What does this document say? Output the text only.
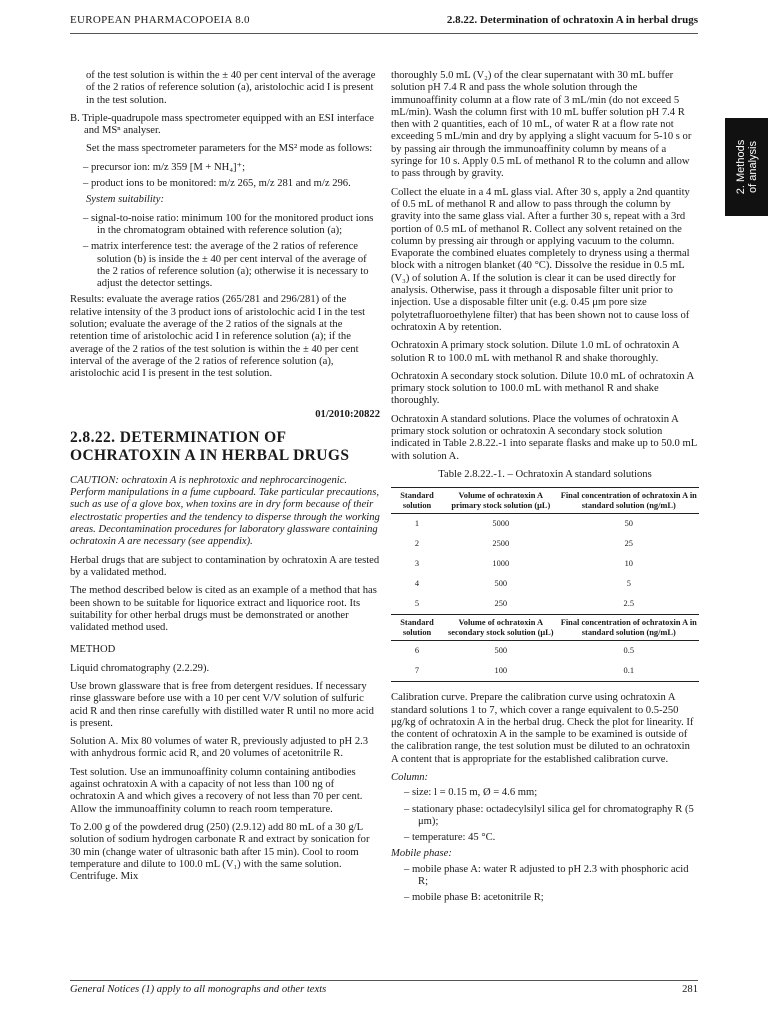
EUROPEAN PHARMACOPOEIA 8.0	2.8.22. Determination of ochratoxin A in herbal drugs
2. Methods
of analysis

of the test solution is within the ± 40 per cent interval of the average of the 2 ratios of reference solution (a), aristolochic acid I is present in the test solution.

B. Triple-quadrupole mass spectrometer equipped with an ESI interface and MSⁿ analyser.

Set the mass spectrometer parameters for the MS² mode as follows:

– precursor ion: m/z 359 [M + NH₄]⁺;

– product ions to be monitored: m/z 265, m/z 281 and m/z 296.

System suitability:

– signal-to-noise ratio: minimum 100 for the monitored product ions in the chromatogram obtained with reference solution (a);

– matrix interference test: the average of the 2 ratios of reference solution (b) is inside the ± 40 per cent interval of the average of the 2 ratios of reference solution (a); otherwise it is necessary to adjust the detector settings.

Results: evaluate the average ratios (265/281 and 296/281) of the relative intensity of the 3 product ions of aristolochic acid I in the test solution; evaluate the average of the 2 ratios of the signals at the retention time of aristolochic acid I in reference solution (a); if the average of the 2 ratios of the test solution is within the ± 40 per cent interval of the average of the 2 ratios of reference solution (a), aristolochic acid I is present in the test solution.

01/2010:20822

2.8.22. DETERMINATION OF OCHRATOXIN A IN HERBAL DRUGS

CAUTION: ochratoxin A is nephrotoxic and nephrocarcinogenic. Perform manipulations in a fume cupboard. Take particular precautions, such as use of a glove box, when toxins are in dry form because of their electrostatic properties and the tendency to disperse through the working areas. Decontamination procedures for laboratory glassware containing ochratoxin A are necessary (see appendix).

Herbal drugs that are subject to contamination by ochratoxin A are tested by a validated method.

The method described below is cited as an example of a method that has been shown to be suitable for liquorice extract and liquorice root. Its suitability for other herbal drugs must be demonstrated or another validated method used.

METHOD

Liquid chromatography (2.2.29).

Use brown glassware that is free from detergent residues. If necessary rinse glassware before use with a 10 per cent V/V solution of sulfuric acid R and then rinse carefully with distilled water R until no more acid is present.

Solution A. Mix 80 volumes of water R, previously adjusted to pH 2.3 with anhydrous formic acid R, and 20 volumes of acetonitrile R.

Test solution. Use an immunoaffinity column containing antibodies against ochratoxin A with a capacity of not less than 100 ng of ochratoxin A and which gives a recovery of not less than 70 per cent. Allow the immunoaffinity column to reach room temperature.

To 2.00 g of the powdered drug (250) (2.9.12) add 80 mL of a 30 g/L solution of sodium hydrogen carbonate R and extract by sonication for 30 min (change water of ultrasonic bath after 15 min). Cool to room temperature and dilute to 100.0 mL (V₁) with the same solution. Centrifuge. Mix

thoroughly 5.0 mL (V₂) of the clear supernatant with 30 mL buffer solution pH 7.4 R and pass the whole solution through the immunoaffinity column at a flow rate of 3 mL/min (do not exceed 5 mL/min). Wash the column first with 10 mL buffer solution pH 7.4 R then with 2 quantities, each of 10 mL, of water R at a flow rate not exceeding 5 mL/min and dry by applying a slight vacuum for 5-10 s or by passing air through the immunoaffinity column by means of a syringe for 10 s. Apply 0.5 mL of methanol R to the column and allow to pass through by gravity.

Collect the eluate in a 4 mL glass vial. After 30 s, apply a 2nd quantity of 0.5 mL of methanol R and allow to pass through the column by gravity into the same glass vial. After a further 30 s, repeat with a 3rd portion of 0.5 mL of methanol R. Collect any solvent retained on the column by pressing air through or applying vacuum to the column. Evaporate the combined eluates completely to dryness using a thermal block with a nitrogen blanket (40 °C). Dissolve the residue in 0.5 mL (V₃) of solution A. If the solution is clear it can be used directly for analysis. Otherwise, pass it through a disposable filter unit prior to injection. Use a disposable filter unit (e.g. 0.45 μm pore size polytetrafluoroethylene filter) that has been shown not to cause loss of ochratoxin A by retention.

Ochratoxin A primary stock solution. Dilute 1.0 mL of ochratoxin A solution R to 100.0 mL with methanol R and shake thoroughly.

Ochratoxin A secondary stock solution. Dilute 10.0 mL of ochratoxin A primary stock solution to 100.0 mL with methanol R and shake thoroughly.

Ochratoxin A standard solutions. Place the volumes of ochratoxin A primary stock solution or ochratoxin A secondary stock solution indicated in Table 2.8.22.-1 into separate flasks and make up to 50.0 mL with solution A.

Table 2.8.22.-1. – Ochratoxin A standard solutions

Standard solution	Volume of ochratoxin A primary stock solution (μL)	Final concentration of ochratoxin A in standard solution (ng/mL)
1	5000	50
2	2500	25
3	1000	10
4	500	5
5	250	2.5
Standard solution	Volume of ochratoxin A secondary stock solution (μL)	Final concentration of ochratoxin A in standard solution (ng/mL)
6	500	0.5
7	100	0.1

Calibration curve. Prepare the calibration curve using ochratoxin A standard solutions 1 to 7, which cover a range equivalent to 0.5-250 μg/kg of ochratoxin A in the herbal drug. Check the plot for linearity. If the content of ochratoxin A in the sample to be examined is outside of the calibration range, the test solution must be diluted to an ochratoxin A content that is appropriate for the established calibration curve.

Column:

– size: l = 0.15 m, Ø = 4.6 mm;

– stationary phase: octadecylsilyl silica gel for chromatography R (5 μm);

– temperature: 45 °C.

Mobile phase:

– mobile phase A: water R adjusted to pH 2.3 with phosphoric acid R;

– mobile phase B: acetonitrile R;

General Notices (1) apply to all monographs and other texts	281
